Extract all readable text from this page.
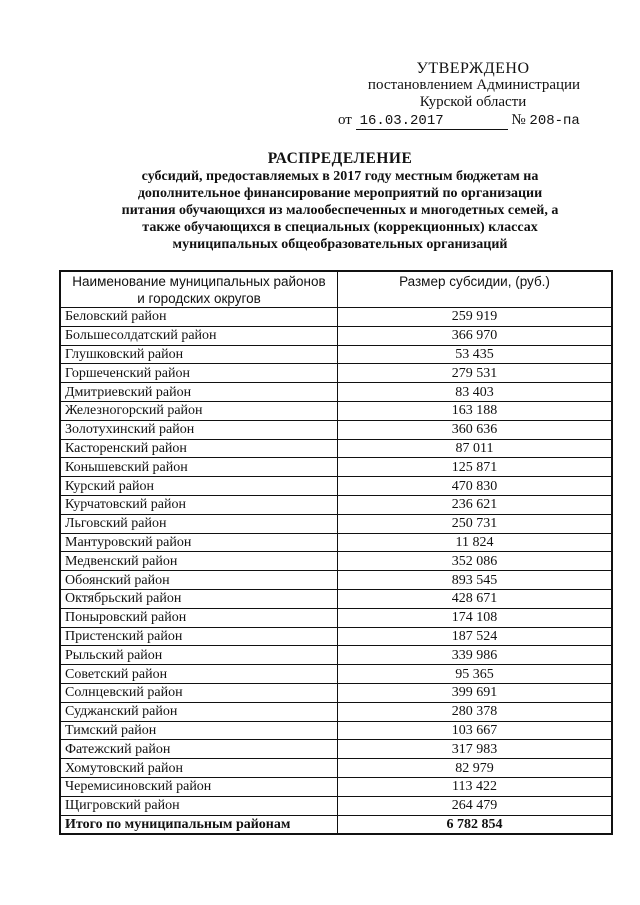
УТВЕРЖДЕНО
постановлением Администрации
Курской области
от 16.03.2017	№ 208-па
РАСПРЕДЕЛЕНИЕ
субсидий, предоставляемых в 2017 году местным бюджетам на
дополнительное финансирование мероприятий по организации
питания обучающихся из малообеспеченных и многодетных семей, а
также обучающихся в специальных (коррекционных) классах
муниципальных общеобразовательных организаций
Наименование муниципальных районов
и городских округов	Размер субсидии, (руб.)
Беловский район	259 919
Большесолдатский район	366 970
Глушковский район	53 435
Горшеченский район	279 531
Дмитриевский район	83 403
Железногорский район	163 188
Золотухинский район	360 636
Касторенский район	87 011
Конышевский район	125 871
Курский район	470 830
Курчатовский район	236 621
Льговский район	250 731
Мантуровский район	11 824
Медвенский район	352 086
Обоянский район	893 545
Октябрьский район	428 671
Поныровский район	174 108
Пристенский район	187 524
Рыльский район	339 986
Советский район	95 365
Солнцевский район	399 691
Суджанский район	280 378
Тимский район	103 667
Фатежский район	317 983
Хомутовский район	82 979
Черемисиновский район	113 422
Щигровский район	264 479
Итого по муниципальным районам	6 782 854
